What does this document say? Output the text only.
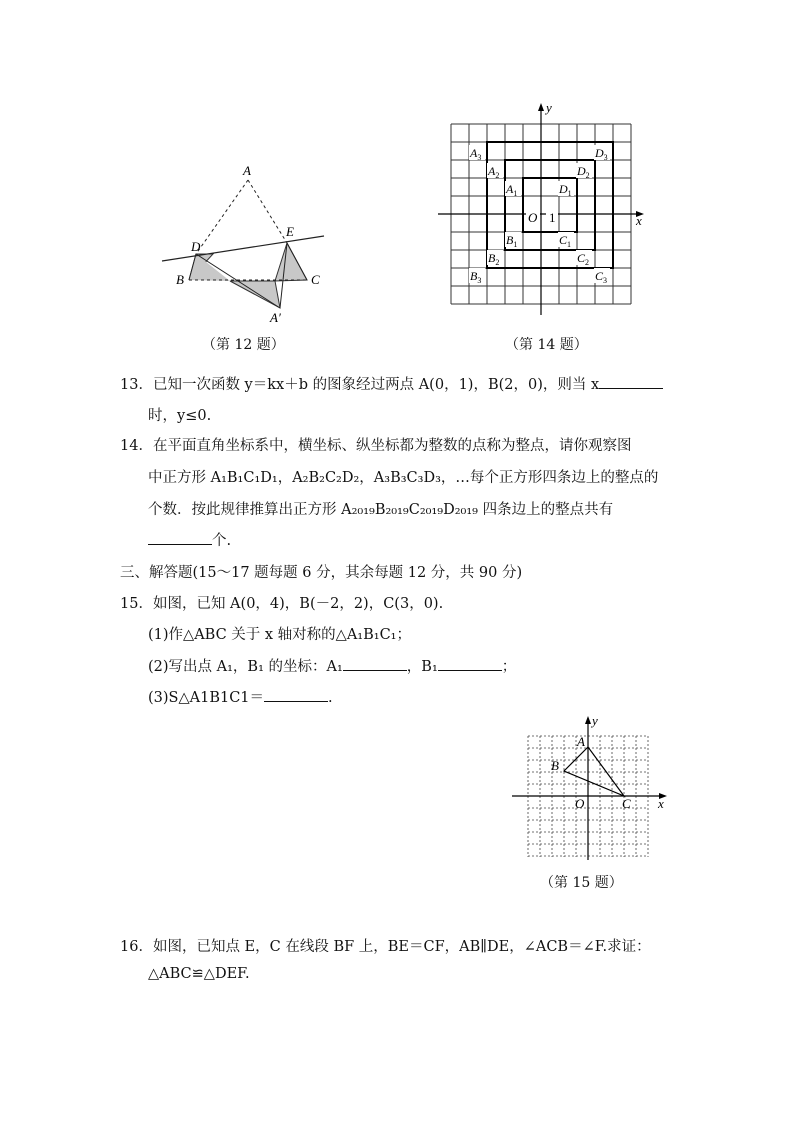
A
D
E
B	C
A′
（第 12 题）
x
y
O 1
$A_3$	$D_3$
$A_2$	$D_2$
$A_1$	$D_1$
$B_1$	$C_1$
$B_2$	$C_2$
$B_3$	$C_3$
（第 14 题）
13．已知一次函数 y＝kx＋b 的图象经过两点 A(0，1)，B(2，0)，则当 x
时，y≤0.
14．在平面直角坐标系中，横坐标、纵坐标都为整数的点称为整点，请你观察图
中正方形 A₁B₁C₁D₁，A₂B₂C₂D₂，A₃B₃C₃D₃，…每个正方形四条边上的整点的
个数．按此规律推算出正方形 A₂₀₁₉B₂₀₁₉C₂₀₁₉D₂₀₁₉ 四条边上的整点共有
个.
三、解答题(15～17 题每题 6 分，其余每题 12 分，共 90 分)
15．如图，已知 A(0，4)，B(－2，2)，C(3，0).
(1)作△ABC 关于 x 轴对称的△A₁B₁C₁；
(2)写出点 A₁，B₁ 的坐标：A₁	，B₁	；
(3)S△A1B1C1＝	.
x
y
O
A
B
C
（第 15 题）
16．如图，已知点 E，C 在线段 BF 上，BE＝CF，AB∥DE，∠ACB＝∠F.求证：
△ABC≌△DEF.
